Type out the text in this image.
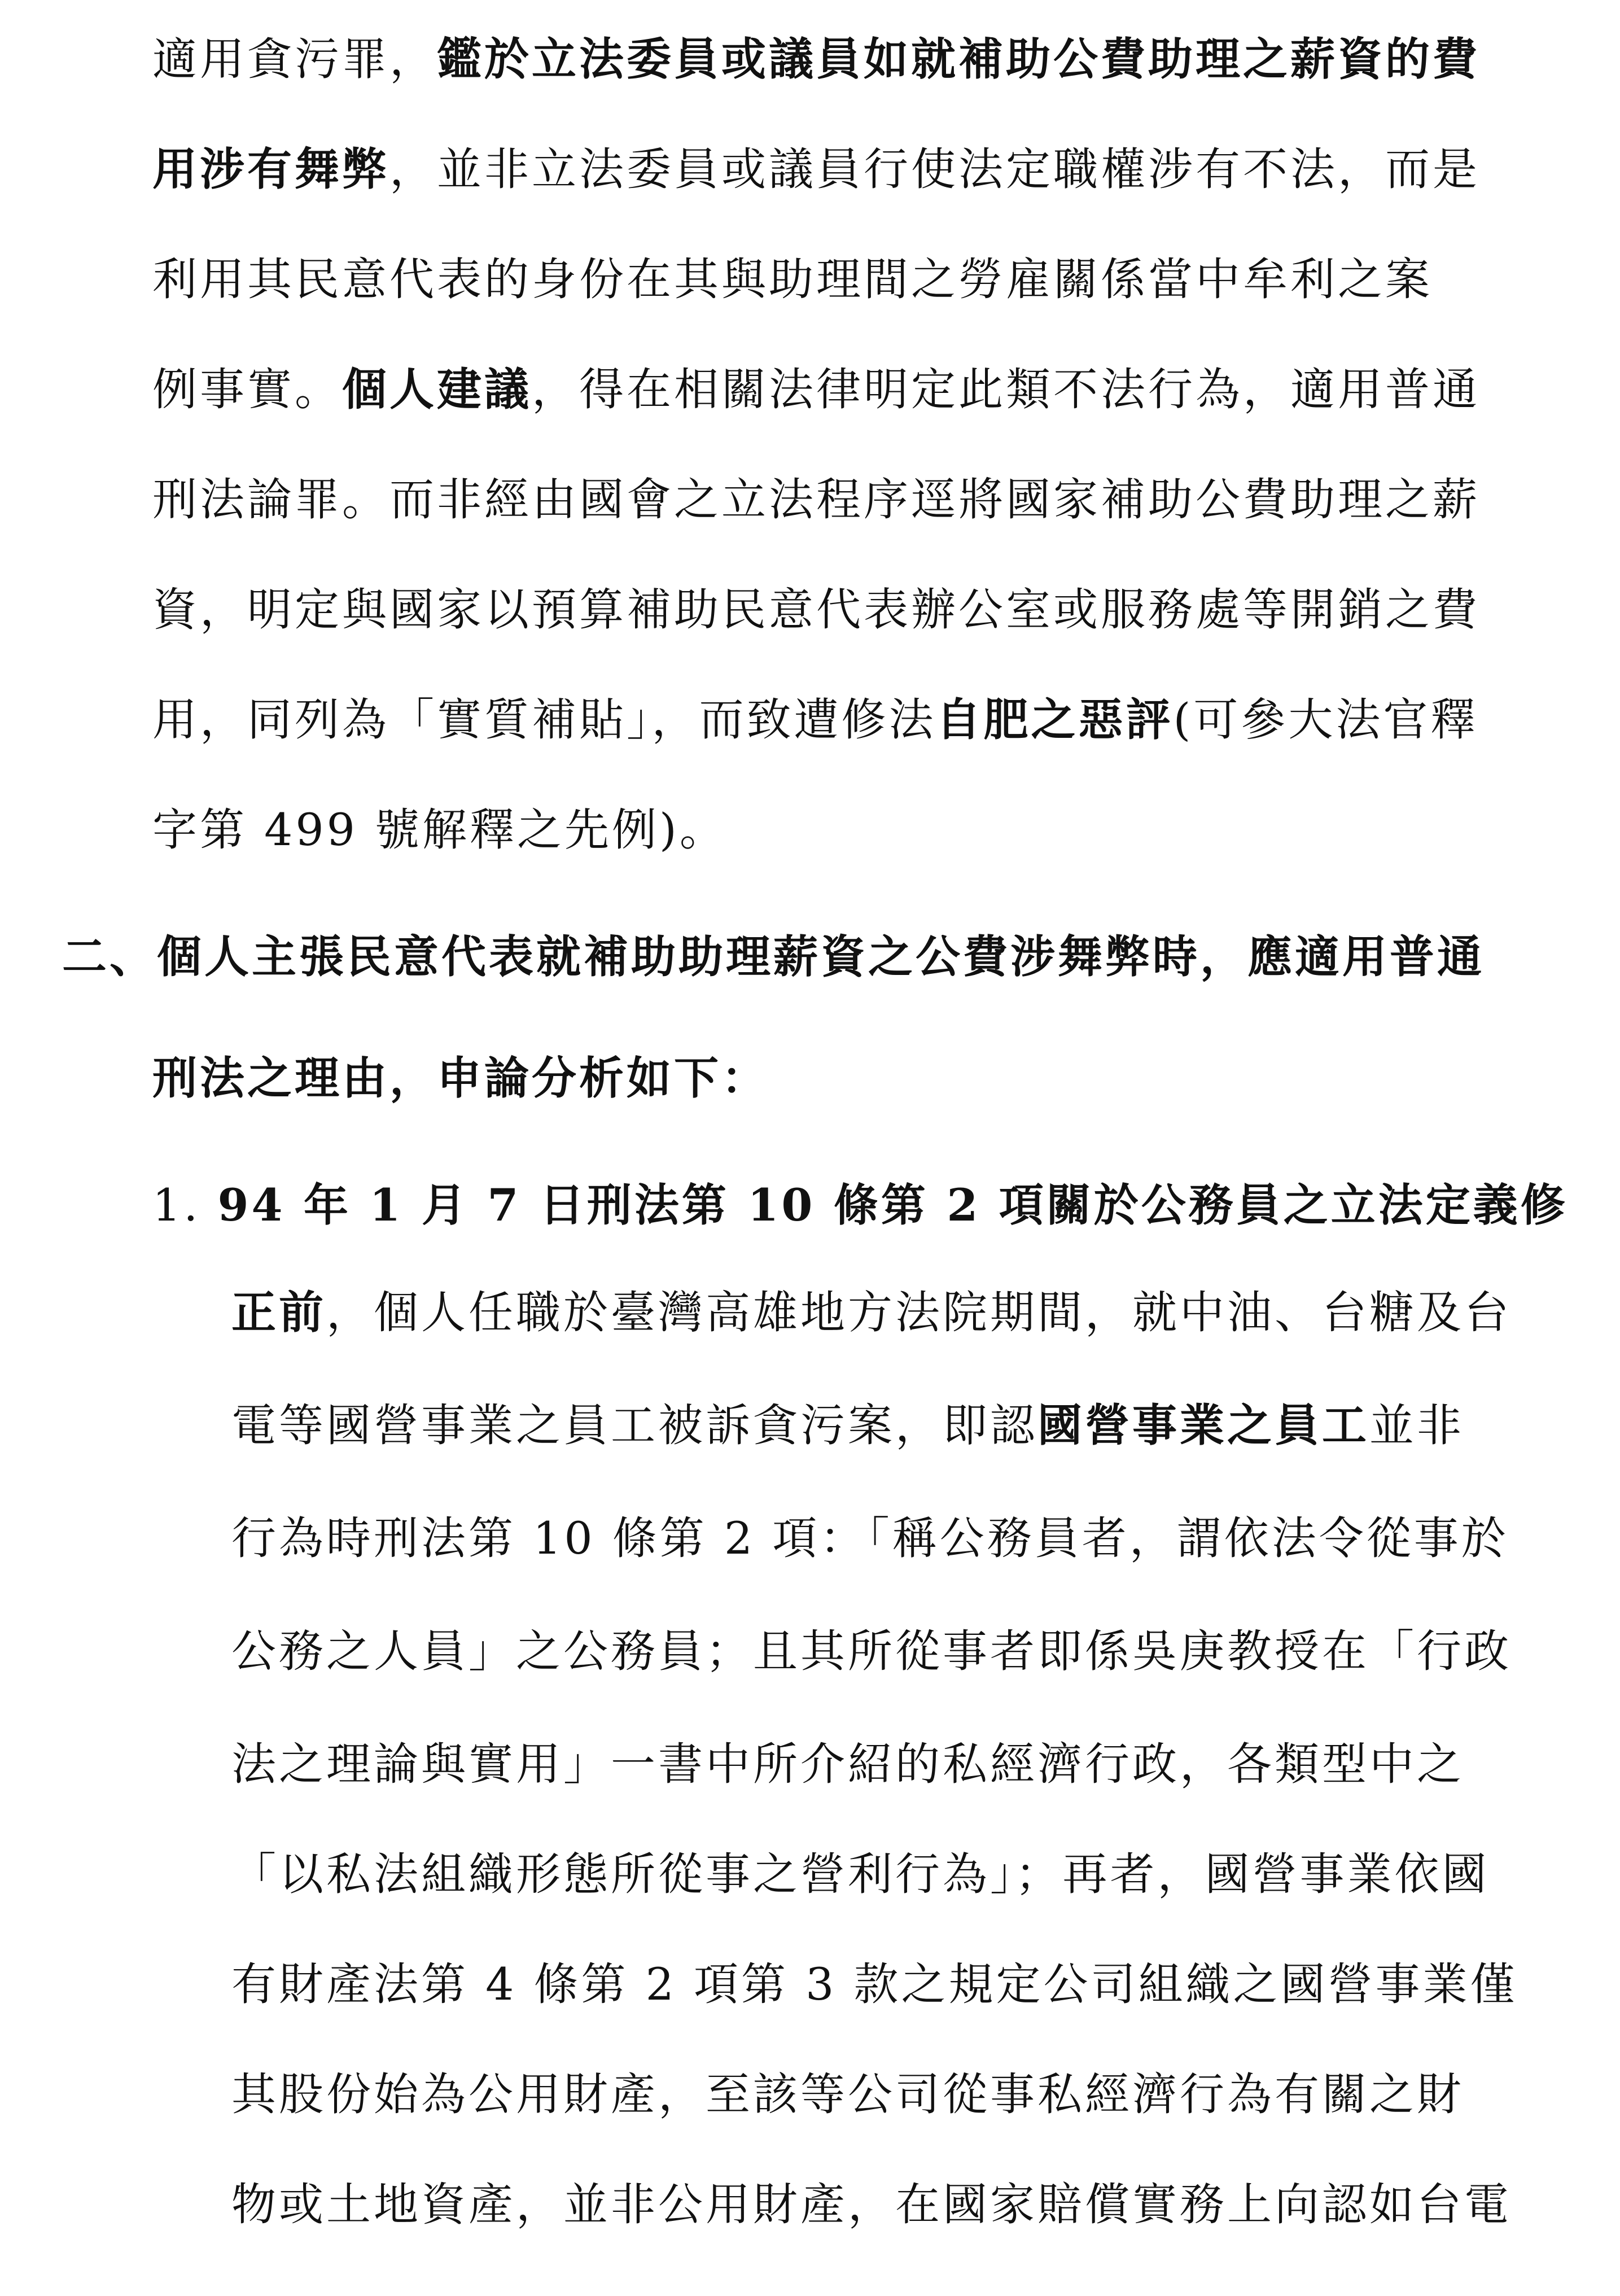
適用貪污罪，鑑於立法委員或議員如就補助公費助理之薪資的費
用涉有舞弊，並非立法委員或議員行使法定職權涉有不法，而是
利用其民意代表的身份在其與助理間之勞雇關係當中牟利之案
例事實。個人建議，得在相關法律明定此類不法行為，適用普通
刑法論罪。而非經由國會之立法程序逕將國家補助公費助理之薪
資，明定與國家以預算補助民意代表辦公室或服務處等開銷之費
用，同列為「實質補貼」，而致遭修法自肥之惡評(可參大法官釋
字第 499 號解釋之先例)。
二、個人主張民意代表就補助助理薪資之公費涉舞弊時，應適用普通
刑法之理由，申論分析如下：
1. 94 年 1 月 7 日刑法第 10 條第 2 項關於公務員之立法定義修
正前，個人任職於臺灣高雄地方法院期間，就中油、台糖及台
電等國營事業之員工被訴貪污案，即認國營事業之員工並非
行為時刑法第 10 條第 2 項：「稱公務員者，謂依法令從事於
公務之人員」之公務員；且其所從事者即係吳庚教授在「行政
法之理論與實用」一書中所介紹的私經濟行政，各類型中之
「以私法組織形態所從事之營利行為」；再者，國營事業依國
有財產法第 4 條第 2 項第 3 款之規定公司組織之國營事業僅
其股份始為公用財產，至該等公司從事私經濟行為有關之財
物或土地資產，並非公用財產，在國家賠償實務上向認如台電
